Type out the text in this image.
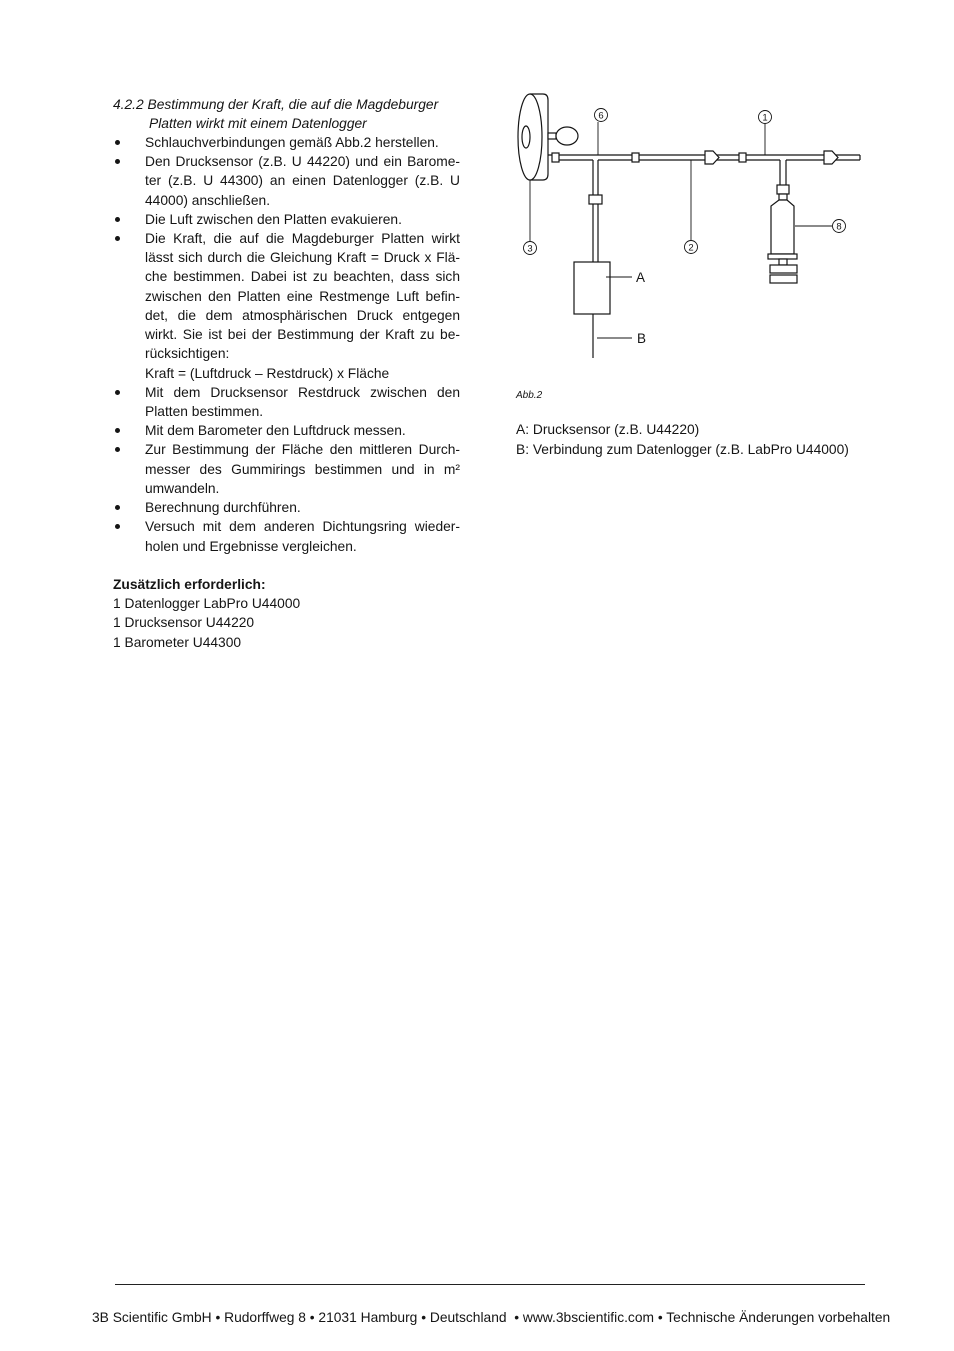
4.2.2 Bestimmung der Kraft, die auf die Magdeburger
Platten wirkt mit einem Datenlogger
Schlauchverbindungen gemäß Abb.2 herstellen.
Den Drucksensor (z.B. U 44220) und ein Barome-
ter (z.B. U 44300) an einen Datenlogger (z.B. U
44000) anschließen.
Die Luft zwischen den Platten evakuieren.
Die Kraft, die auf die Magdeburger Platten wirkt
lässt sich durch die Gleichung Kraft = Druck x Flä-
che bestimmen. Dabei ist zu beachten, dass sich
zwischen den Platten eine Restmenge Luft befin-
det, die dem atmosphärischen Druck entgegen
wirkt. Sie ist bei der Bestimmung der Kraft zu be-
rücksichtigen:
Kraft = (Luftdruck – Restdruck) x Fläche
Mit dem Drucksensor Restdruck zwischen den
Platten bestimmen.
Mit dem Barometer den Luftdruck messen.
Zur Bestimmung der Fläche den mittleren Durch-
messer des Gummirings bestimmen und in m²
umwandeln.
Berechnung durchführen.
Versuch mit dem anderen Dichtungsring wieder-
holen und Ergebnisse vergleichen.
Zusätzlich erforderlich:
1 Datenlogger LabPro U44000
1 Drucksensor U44220
1 Barometer U44300
6	1
3	2
8
A
B
Abb.2
A: Drucksensor (z.B. U44220)
B: Verbindung zum Datenlogger (z.B. LabPro U44000)
3B Scientific GmbH • Rudorffweg 8 • 21031 Hamburg • Deutschland  • www.3bscientific.com • Technische Änderungen vorbehalten
